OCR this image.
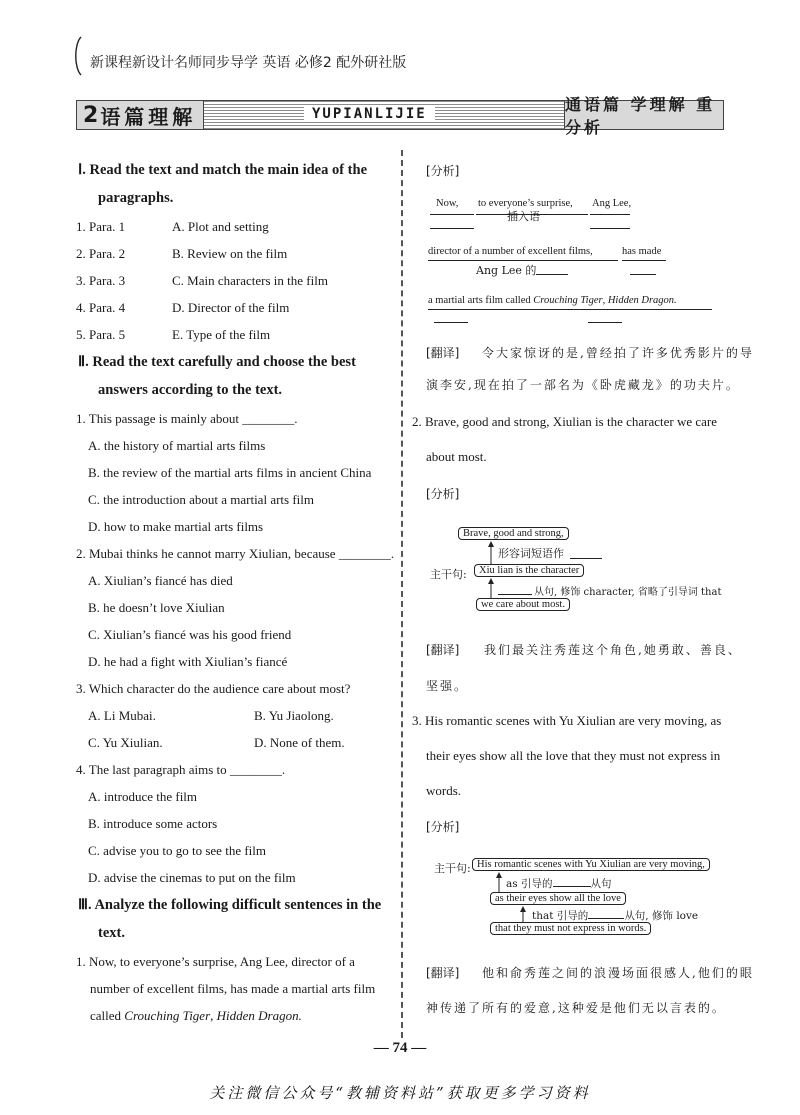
新课程新设计名师同步导学 英语 必修2 配外研社版
2 语篇理解	YUPIANLIJIE	通语篇 学理解 重分析
Ⅰ. Read the text and match the main idea of the
paragraphs.
1. Para. 1	A. Plot and setting
2. Para. 2	B. Review on the film
3. Para. 3	C. Main characters in the film
4. Para. 4	D. Director of the film
5. Para. 5	E. Type of the film
Ⅱ. Read the text carefully and choose the best
answers according to the text.
1. This passage is mainly about ________.
A. the history of martial arts films
B. the review of the martial arts films in ancient China
C. the introduction about a martial arts film
D. how to make martial arts films
2. Mubai thinks he cannot marry Xiulian, because ________.
A. Xiulian’s fiancé has died
B. he doesn’t love Xiulian
C. Xiulian’s fiancé was his good friend
D. he had a fight with Xiulian’s fiancé
3. Which character do the audience care about most?
A. Li Mubai.	B. Yu Jiaolong.
C. Yu Xiulian.	D. None of them.
4. The last paragraph aims to ________.
A. introduce the film
B. introduce some actors
C. advise you to go to see the film
D. advise the cinemas to put on the film
Ⅲ. Analyze the following difficult sentences in the
text.
1. Now, to everyone’s surprise, Ang Lee, director of a
number of excellent films, has made a martial arts film
called Crouching Tiger, Hidden Dragon.
[分析]
Now, to everyone’s surprise, Ang Lee,
插入语
director of a number of excellent films,	has made
Ang Lee 的
a martial arts film called Crouching Tiger, Hidden Dragon.
[翻译] 令大家惊讶的是,曾经拍了许多优秀影片的导
演李安,现在拍了一部名为《卧虎藏龙》的功夫片。
2. Brave, good and strong, Xiulian is the character we care
about most.
[分析]
Brave, good and strong,
形容词短语作
主干句:	Xiu lian is the character
从句, 修饰 character, 省略了引导词 that
we care about most.
[翻译] 我们最关注秀莲这个角色,她勇敢、善良、
坚强。
3. His romantic scenes with Yu Xiulian are very moving, as
their eyes show all the love that they must not express in
words.
[分析]
主干句: His romantic scenes with Yu Xiulian are very moving,
as 引导的	从句
as their eyes show all the love
that 引导的	从句, 修饰 love
that they must not express in words.
[翻译] 他和俞秀莲之间的浪漫场面很感人,他们的眼
神传递了所有的爱意,这种爱是他们无以言表的。
— 74 —
关注微信公众号“教辅资料站”获取更多学习资料
